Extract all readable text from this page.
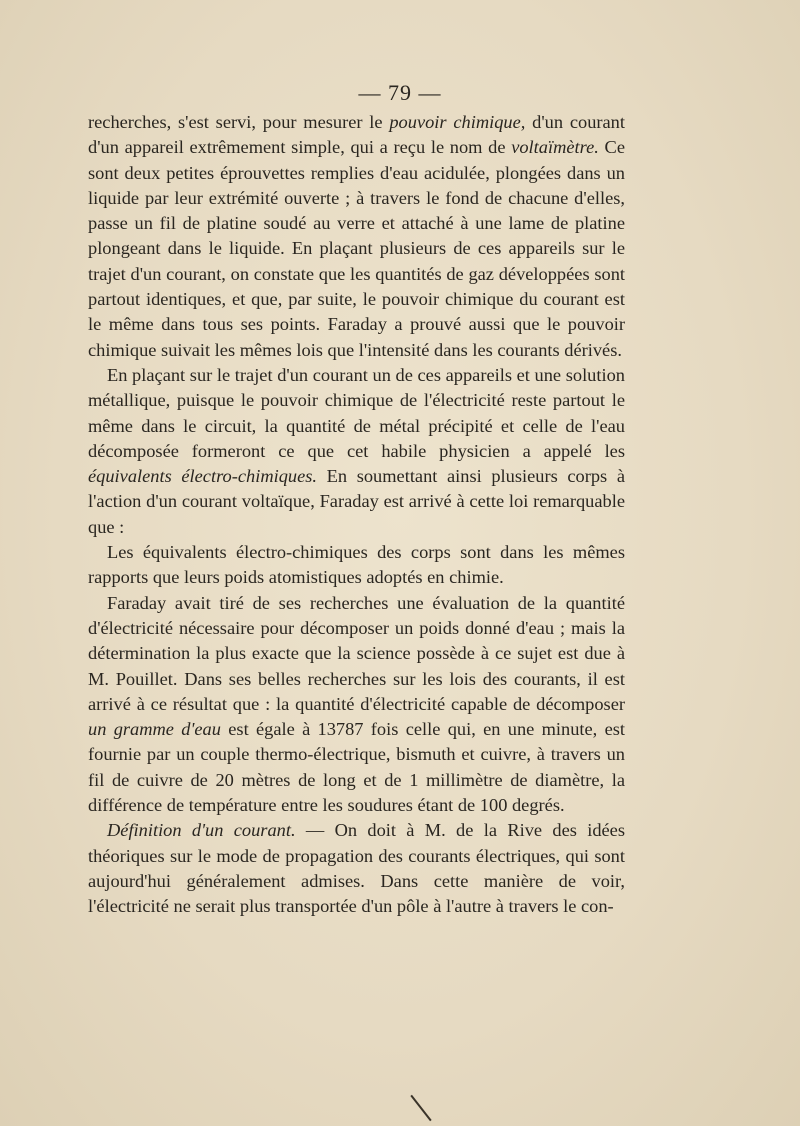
— 79 —

recherches, s'est servi, pour mesurer le pouvoir chimique, d'un courant d'un appareil extrêmement simple, qui a reçu le nom de voltaïmètre. Ce sont deux petites éprouvettes remplies d'eau acidulée, plongées dans un liquide par leur extrémité ouverte ; à travers le fond de chacune d'elles, passe un fil de platine soudé au verre et attaché à une lame de platine plongeant dans le liquide. En plaçant plusieurs de ces appareils sur le trajet d'un courant, on constate que les quantités de gaz développées sont partout identiques, et que, par suite, le pouvoir chimique du courant est le même dans tous ses points. Faraday a prouvé aussi que le pouvoir chimique suivait les mêmes lois que l'intensité dans les courants dérivés.

En plaçant sur le trajet d'un courant un de ces appareils et une solution métallique, puisque le pouvoir chimique de l'électricité reste partout le même dans le circuit, la quantité de métal précipité et celle de l'eau décomposée formeront ce que cet habile physicien a appelé les équivalents électro-chimiques. En soumettant ainsi plusieurs corps à l'action d'un courant voltaïque, Faraday est arrivé à cette loi remarquable que :

Les équivalents électro-chimiques des corps sont dans les mêmes rapports que leurs poids atomistiques adoptés en chimie.

Faraday avait tiré de ses recherches une évaluation de la quantité d'électricité nécessaire pour décomposer un poids donné d'eau ; mais la détermination la plus exacte que la science possède à ce sujet est due à M. Pouillet. Dans ses belles recherches sur les lois des courants, il est arrivé à ce résultat que : la quantité d'électricité capable de décomposer un gramme d'eau est égale à 13787 fois celle qui, en une minute, est fournie par un couple thermo-électrique, bismuth et cuivre, à travers un fil de cuivre de 20 mètres de long et de 1 millimètre de diamètre, la différence de température entre les soudures étant de 100 degrés.

Définition d'un courant. — On doit à M. de la Rive des idées théoriques sur le mode de propagation des courants électriques, qui sont aujourd'hui généralement admises. Dans cette manière de voir, l'électricité ne serait plus transportée d'un pôle à l'autre à travers le con-
